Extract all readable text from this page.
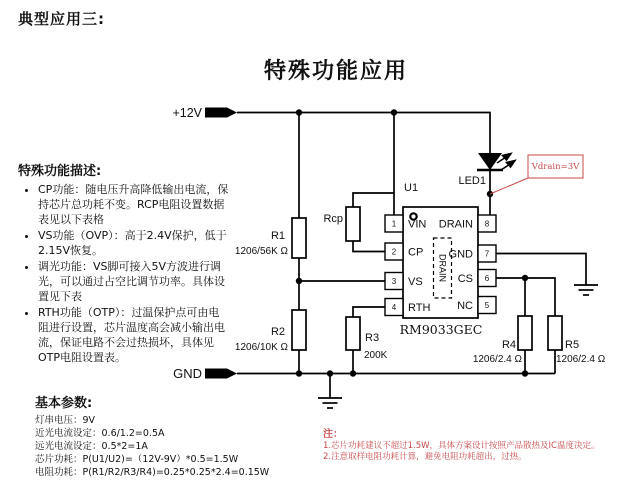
典型应用三:
特殊功能应用
特殊功能描述:
• CP功能：随电压升高降低输出电流，保持芯片总功耗不变。RCP电阻设置数据表见以下表格
• VS功能（OVP）：高于2.4V保护，低于2.15V恢复。
• 调光功能：VS脚可接入5V方波进行调光，可以通过占空比调节功率。具体设置见下表
• RTH功能（OTP）：过温保护点可由电阻进行设置，芯片温度高会减小输出电流，保证电路不会过热损坏，具体见OTP电阻设置表。
基本参数:
灯串电压：9V
近光电流设定：0.6/1.2=0.5A
远光电流设定：0.5*2=1A
芯片功耗：P(U1/U2)=（12V-9V）*0.5=1.5W
电阻功耗：P(R1/R2/R3/R4)=0.25*0.25*2.4=0.15W
注：
1.芯片功耗建议不超过1.5W，具体方案设计按照产品散热及IC温度决定。
2.注意取样电阻功耗计算，避免电阻功耗超出，过热。
+12V
GND
LED1
Vdrain=3V
Rcp
R1
1206/56K Ω
R2
1206/10K Ω
R3
200K
R4
1206/2.4 Ω
R5
1206/2.4 Ω
1
2
3
4
8
7
6
5
VIN
CP
VS
RTH
DRAIN
GND
CS
NC
DRAIN
U1
RM9033GEC
